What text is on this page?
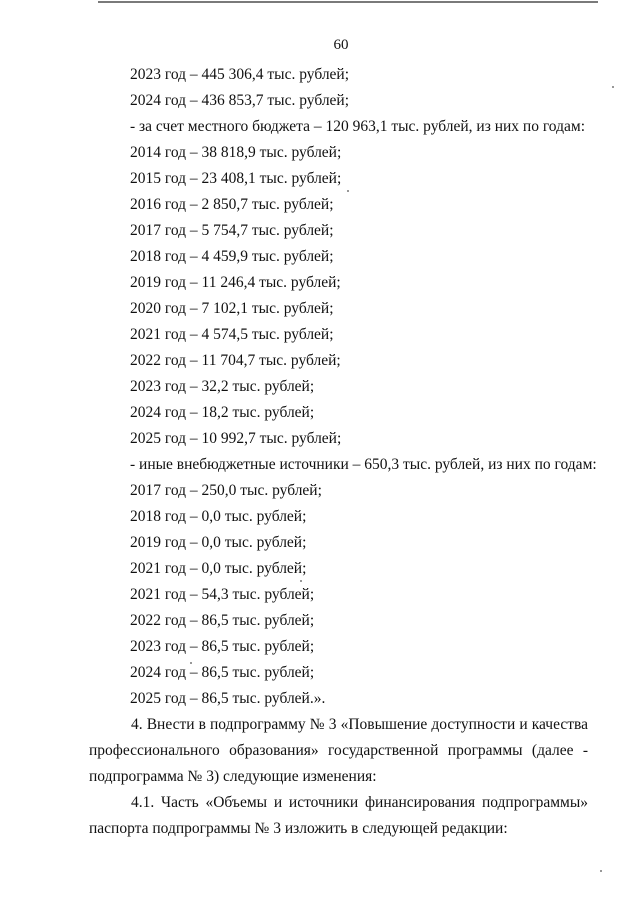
60
2023 год – 445 306,4 тыс. рублей;
2024 год – 436 853,7 тыс. рублей;
- за счет местного бюджета – 120 963,1 тыс. рублей, из них по годам:
2014 год – 38 818,9 тыс. рублей;
2015 год – 23 408,1 тыс. рублей;
2016 год – 2 850,7 тыс. рублей;
2017 год – 5 754,7 тыс. рублей;
2018 год – 4 459,9 тыс. рублей;
2019 год – 11 246,4 тыс. рублей;
2020 год – 7 102,1 тыс. рублей;
2021 год – 4 574,5 тыс. рублей;
2022 год – 11 704,7 тыс. рублей;
2023 год – 32,2 тыс. рублей;
2024 год – 18,2 тыс. рублей;
2025 год – 10 992,7 тыс. рублей;
- иные внебюджетные источники – 650,3 тыс. рублей, из них по годам:
2017 год – 250,0 тыс. рублей;
2018 год – 0,0 тыс. рублей;
2019 год – 0,0 тыс. рублей;
2021 год – 0,0 тыс. рублей;
2021 год – 54,3 тыс. рублей;
2022 год – 86,5 тыс. рублей;
2023 год – 86,5 тыс. рублей;
2024 год – 86,5 тыс. рублей;
2025 год – 86,5 тыс. рублей.».

4. Внести в подпрограмму № 3 «Повышение доступности и качества профессионального образования» государственной программы (далее - подпрограмма № 3) следующие изменения:

4.1. Часть «Объемы и источники финансирования подпрограммы» паспорта подпрограммы № 3 изложить в следующей редакции:
